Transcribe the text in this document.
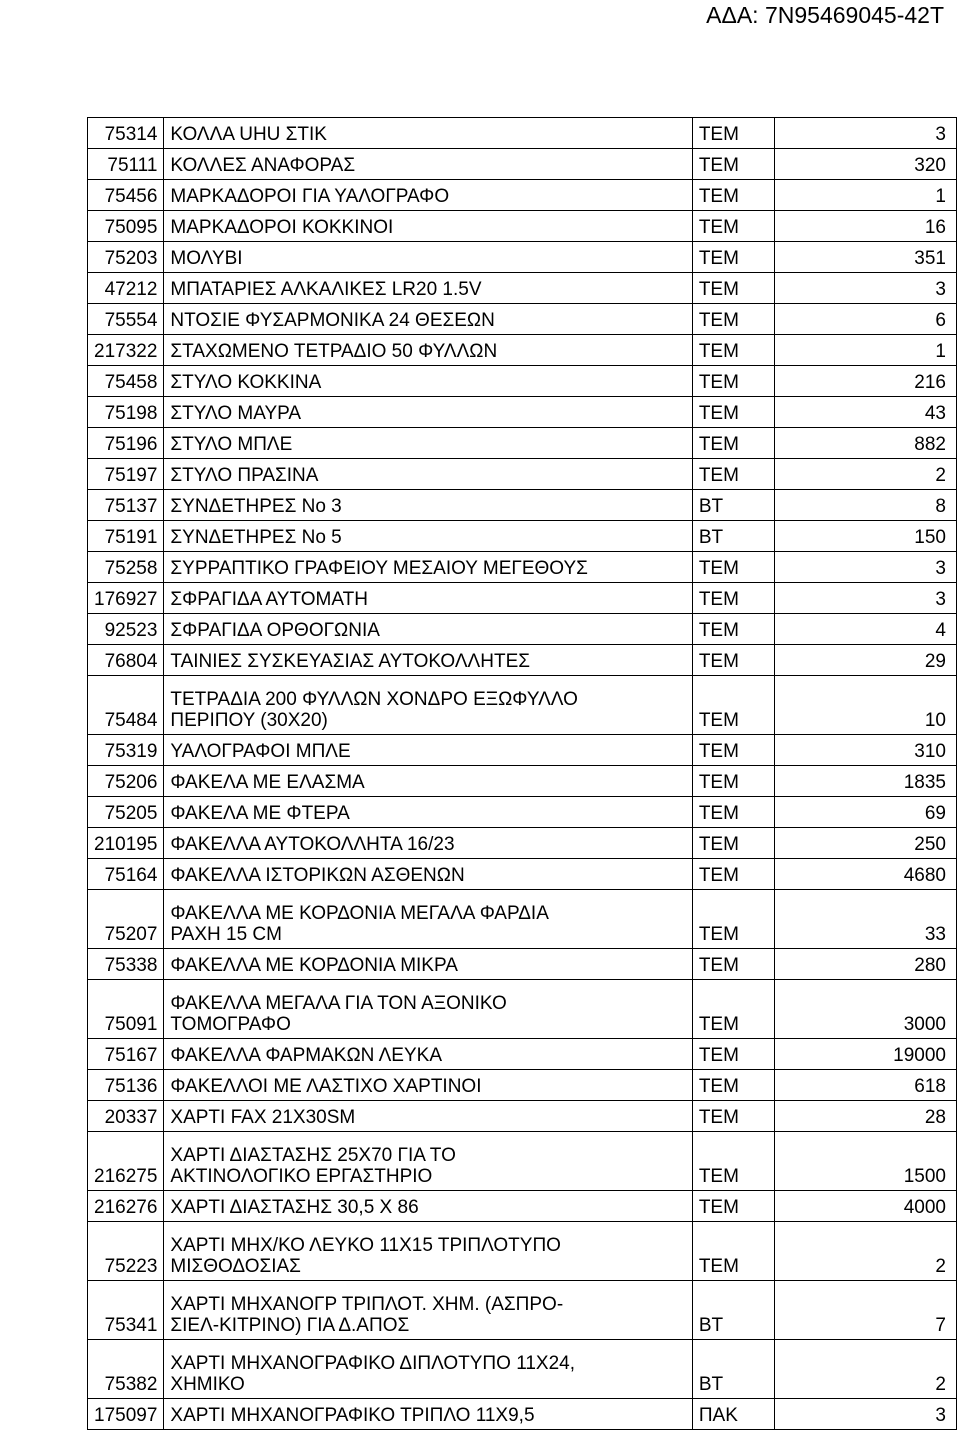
ΑΔΑ: 7Ν95469045-42Τ
75314	ΚΟΛΛΑ UHU ΣΤΙΚ	ΤΕΜ	3
75111	ΚΟΛΛΕΣ ΑΝΑΦΟΡΑΣ	ΤΕΜ	320
75456	ΜΑΡΚΑΔΟΡΟΙ ΓΙΑ ΥΑΛΟΓΡΑΦΟ	ΤΕΜ	1
75095	ΜΑΡΚΑΔΟΡΟΙ ΚΟΚΚΙΝΟΙ	ΤΕΜ	16
75203	ΜΟΛΥΒΙ	ΤΕΜ	351
47212	ΜΠΑΤΑΡΙΕΣ ΑΛΚΑΛΙΚΕΣ LR20 1.5V	ΤΕΜ	3
75554	ΝΤΟΣΙΕ ΦΥΣΑΡΜΟΝΙΚΑ 24 ΘΕΣΕΩΝ	ΤΕΜ	6
217322	ΣΤΑΧΩΜΕΝΟ ΤΕΤΡΑΔΙΟ 50 ΦΥΛΛΩΝ	ΤΕΜ	1
75458	ΣΤΥΛΟ ΚΟΚΚΙΝΑ	ΤΕΜ	216
75198	ΣΤΥΛΟ ΜΑΥΡΑ	ΤΕΜ	43
75196	ΣΤΥΛΟ ΜΠΛΕ	ΤΕΜ	882
75197	ΣΤΥΛΟ ΠΡΑΣΙΝΑ	ΤΕΜ	2
75137	ΣΥΝΔΕΤΗΡΕΣ Νο 3	ΒΤ	8
75191	ΣΥΝΔΕΤΗΡΕΣ Νο 5	ΒΤ	150
75258	ΣΥΡΡΑΠΤΙΚΟ ΓΡΑΦΕΙΟΥ ΜΕΣΑΙΟΥ ΜΕΓΕΘΟΥΣ	ΤΕΜ	3
176927	ΣΦΡΑΓΙΔΑ ΑΥΤΟΜΑΤΗ	ΤΕΜ	3
92523	ΣΦΡΑΓΙΔΑ ΟΡΘΟΓΩΝΙΑ	ΤΕΜ	4
76804	ΤΑΙΝΙΕΣ ΣΥΣΚΕΥΑΣΙΑΣ ΑΥΤΟΚΟΛΛΗΤΕΣ	ΤΕΜ	29
75484	ΤΕΤΡΑΔΙΑ 200 ΦΥΛΛΩΝ ΧΟΝΔΡΟ ΕΞΩΦΥΛΛΟ
ΠΕΡΙΠΟΥ (30Χ20)	ΤΕΜ	10
75319	ΥΑΛΟΓΡΑΦΟΙ ΜΠΛΕ	ΤΕΜ	310
75206	ΦΑΚΕΛΑ ΜΕ ΕΛΑΣΜΑ	ΤΕΜ	1835
75205	ΦΑΚΕΛΑ ΜΕ ΦΤΕΡΑ	ΤΕΜ	69
210195	ΦΑΚΕΛΛΑ ΑΥΤΟΚΟΛΛΗΤΑ 16/23	ΤΕΜ	250
75164	ΦΑΚΕΛΛΑ ΙΣΤΟΡΙΚΩΝ ΑΣΘΕΝΩΝ	ΤΕΜ	4680
75207	ΦΑΚΕΛΛΑ ΜΕ ΚΟΡΔΟΝΙΑ ΜΕΓΑΛΑ ΦΑΡΔΙΑ
ΡΑΧΗ 15 CM	ΤΕΜ	33
75338	ΦΑΚΕΛΛΑ ΜΕ ΚΟΡΔΟΝΙΑ ΜΙΚΡΑ	ΤΕΜ	280
75091	ΦΑΚΕΛΛΑ ΜΕΓΑΛΑ ΓΙΑ ΤΟΝ ΑΞΟΝΙΚΟ
ΤΟΜΟΓΡΑΦΟ	ΤΕΜ	3000
75167	ΦΑΚΕΛΛΑ ΦΑΡΜΑΚΩΝ ΛΕΥΚΑ	ΤΕΜ	19000
75136	ΦΑΚΕΛΛΟΙ ΜΕ ΛΑΣΤΙΧΟ ΧΑΡΤΙΝΟΙ	ΤΕΜ	618
20337	ΧΑΡΤΙ FAX 21X30SM	ΤΕΜ	28
216275	ΧΑΡΤΙ ΔΙΑΣΤΑΣΗΣ 25Χ70 ΓΙΑ ΤΟ
ΑΚΤΙΝΟΛΟΓΙΚΟ ΕΡΓΑΣΤΗΡΙΟ	ΤΕΜ	1500
216276	ΧΑΡΤΙ ΔΙΑΣΤΑΣΗΣ 30,5 Χ 86	ΤΕΜ	4000
75223	ΧΑΡΤΙ ΜΗΧ/ΚΟ ΛΕΥΚΟ 11Χ15 ΤΡΙΠΛΟΤΥΠΟ
ΜΙΣΘΟΔΟΣΙΑΣ	ΤΕΜ	2
75341	ΧΑΡΤΙ ΜΗΧΑΝΟΓΡ ΤΡΙΠΛΟΤ. ΧΗΜ. (ΑΣΠΡΟ-
ΣΙΕΛ-ΚΙΤΡΙΝΟ) ΓΙΑ Δ.ΑΠΟΣ	ΒΤ	7
75382	ΧΑΡΤΙ ΜΗΧΑΝΟΓΡΑΦΙΚΟ ΔΙΠΛΟΤΥΠΟ 11Χ24,
ΧΗΜΙΚΟ	ΒΤ	2
175097	ΧΑΡΤΙ ΜΗΧΑΝΟΓΡΑΦΙΚΟ ΤΡΙΠΛΟ 11Χ9,5	ΠΑΚ	3
